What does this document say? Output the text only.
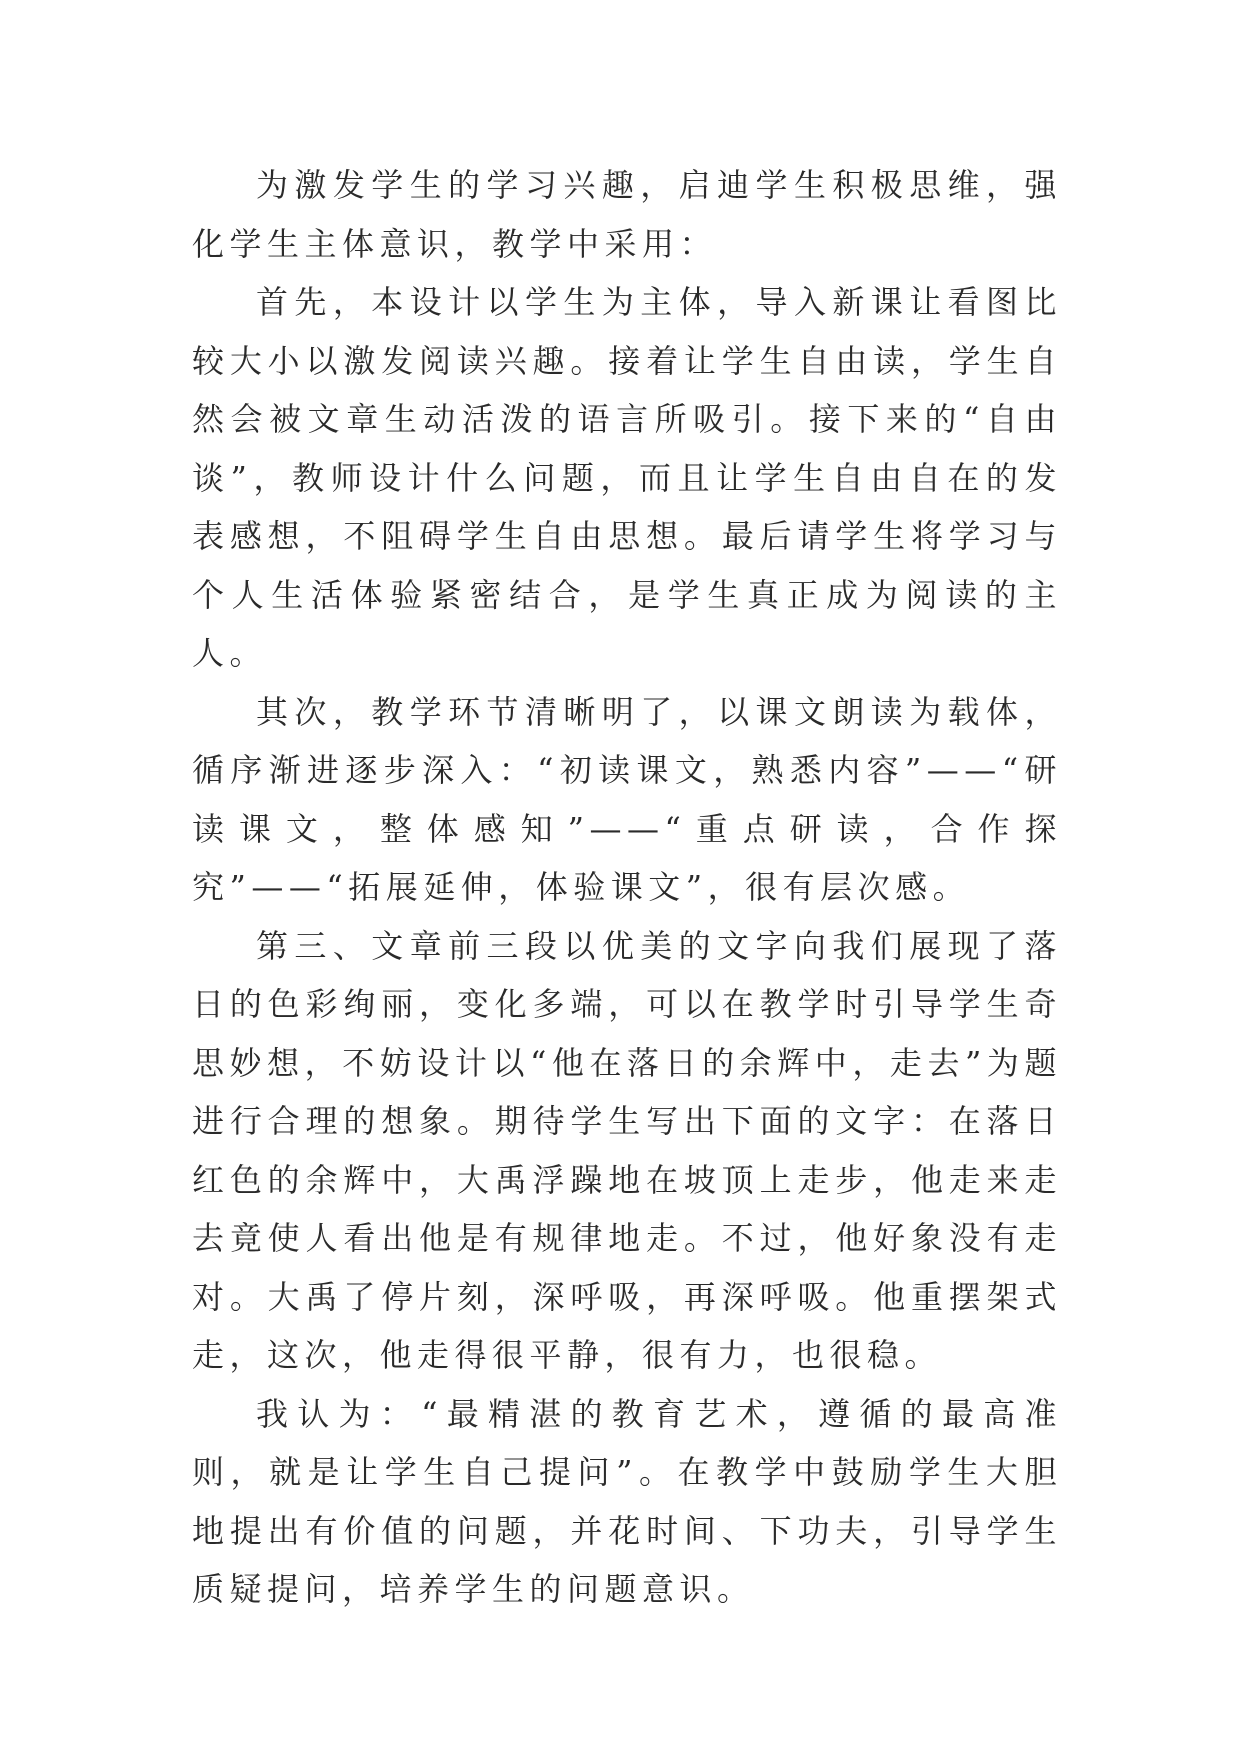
为激发学生的学习兴趣，启迪学生积极思维，强化学生主体意识，教学中采用：

首先，本设计以学生为主体，导入新课让看图比较大小以激发阅读兴趣。接着让学生自由读，学生自然会被文章生动活泼的语言所吸引。接下来的“自由谈”，教师设计什么问题，而且让学生自由自在的发表感想，不阻碍学生自由思想。最后请学生将学习与个人生活体验紧密结合，是学生真正成为阅读的主人。

其次，教学环节清晰明了，以课文朗读为载体，循序渐进逐步深入：“初读课文，熟悉内容”——“研读课文，整体感知”——“重点研读，合作探究”——“拓展延伸，体验课文”，很有层次感。

第三、文章前三段以优美的文字向我们展现了落日的色彩绚丽，变化多端，可以在教学时引导学生奇思妙想，不妨设计以“他在落日的余辉中，走去”为题进行合理的想象。期待学生写出下面的文字：在落日红色的余辉中，大禹浮躁地在坡顶上走步，他走来走去竟使人看出他是有规律地走。不过，他好象没有走对。大禹了停片刻，深呼吸，再深呼吸。他重摆架式走，这次，他走得很平静，很有力，也很稳。

我认为：“最精湛的教育艺术，遵循的最高准则，就是让学生自己提问”。在教学中鼓励学生大胆地提出有价值的问题，并花时间、下功夫，引导学生质疑提问，培养学生的问题意识。
